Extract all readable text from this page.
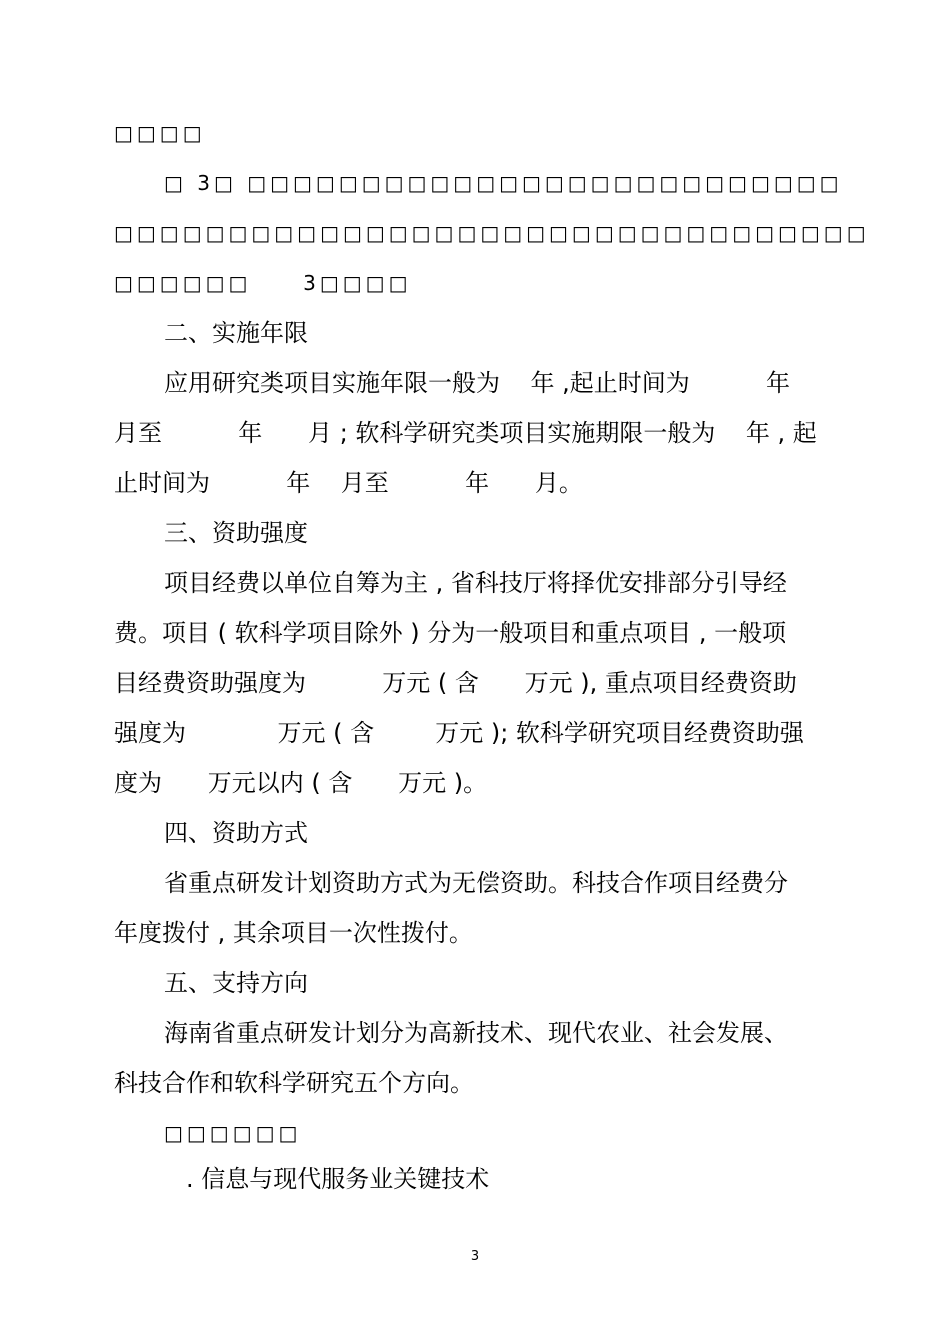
□□□□

□ 3□ □□□□□□□□□□□□□□□□□□□□□□□□□□

□□□□□□□□□□□□□□□□□□□□□□□□□□□□□□□□□

□□□□□□     3□□□□

二、实施年限

应用研究类项目实施年限一般为    年 ,起止时间为          年

月至          年      月 ; 软科学研究类项目实施期限一般为    年 , 起

止时间为          年    月至          年      月。

三、资助强度

项目经费以单位自筹为主 , 省科技厅将择优安排部分引导经

费。项目 ( 软科学项目除外 ) 分为一般项目和重点项目 , 一般项

目经费资助强度为          万元 ( 含      万元 ), 重点项目经费资助

强度为            万元 ( 含        万元 ); 软科学研究项目经费资助强

度为      万元以内 ( 含      万元 )。

四、资助方式

省重点研发计划资助方式为无偿资助。科技合作项目经费分

年度拨付 , 其余项目一次性拨付。

五、支持方向

海南省重点研发计划分为高新技术、现代农业、社会发展、

科技合作和软科学研究五个方向。

□□□□□□

. 信息与现代服务业关键技术

3
